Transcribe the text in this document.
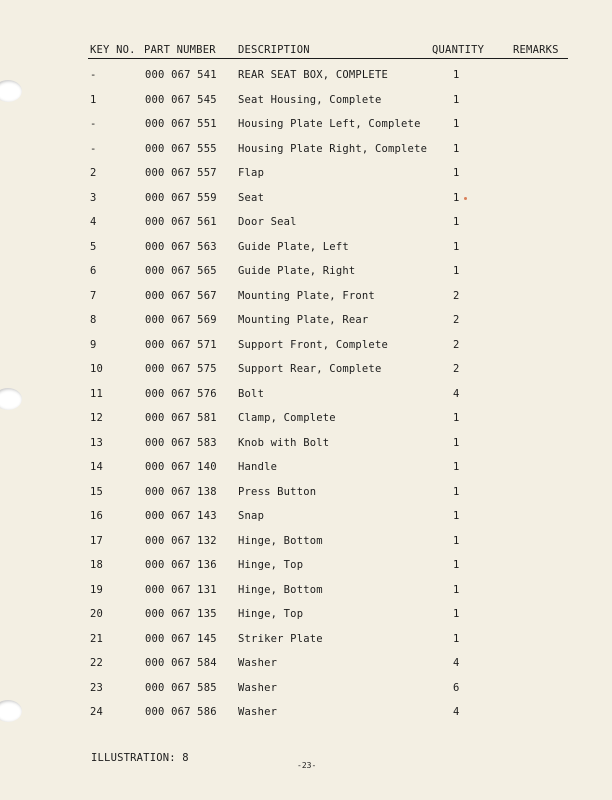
KEY NO. PART NUMBER DESCRIPTION	QUANTITY	REMARKS
-	000 067 541 REAR SEAT BOX, COMPLETE	1
1	000 067 545 Seat Housing, Complete	1
-	000 067 551 Housing Plate Left, Complete	1
-	000 067 555 Housing Plate Right, Complete 1
2	000 067 557 Flap	1
3	000 067 559 Seat	1
4	000 067 561 Door Seal	1
5	000 067 563 Guide Plate, Left	1
6	000 067 565 Guide Plate, Right	1
7	000 067 567 Mounting Plate, Front	2
8	000 067 569 Mounting Plate, Rear	2
9	000 067 571 Support Front, Complete	2
10	000 067 575 Support Rear, Complete	2
11	000 067 576 Bolt	4
12	000 067 581 Clamp, Complete	1
13	000 067 583 Knob with Bolt	1
14	000 067 140 Handle	1
15	000 067 138 Press Button	1
16	000 067 143 Snap	1
17	000 067 132 Hinge, Bottom	1
18	000 067 136 Hinge, Top	1
19	000 067 131 Hinge, Bottom	1
20	000 067 135 Hinge, Top	1
21	000 067 145 Striker Plate	1
22	000 067 584 Washer	4
23	000 067 585 Washer	6
24	000 067 586 Washer	4
ILLUSTRATION: 8
-23-
